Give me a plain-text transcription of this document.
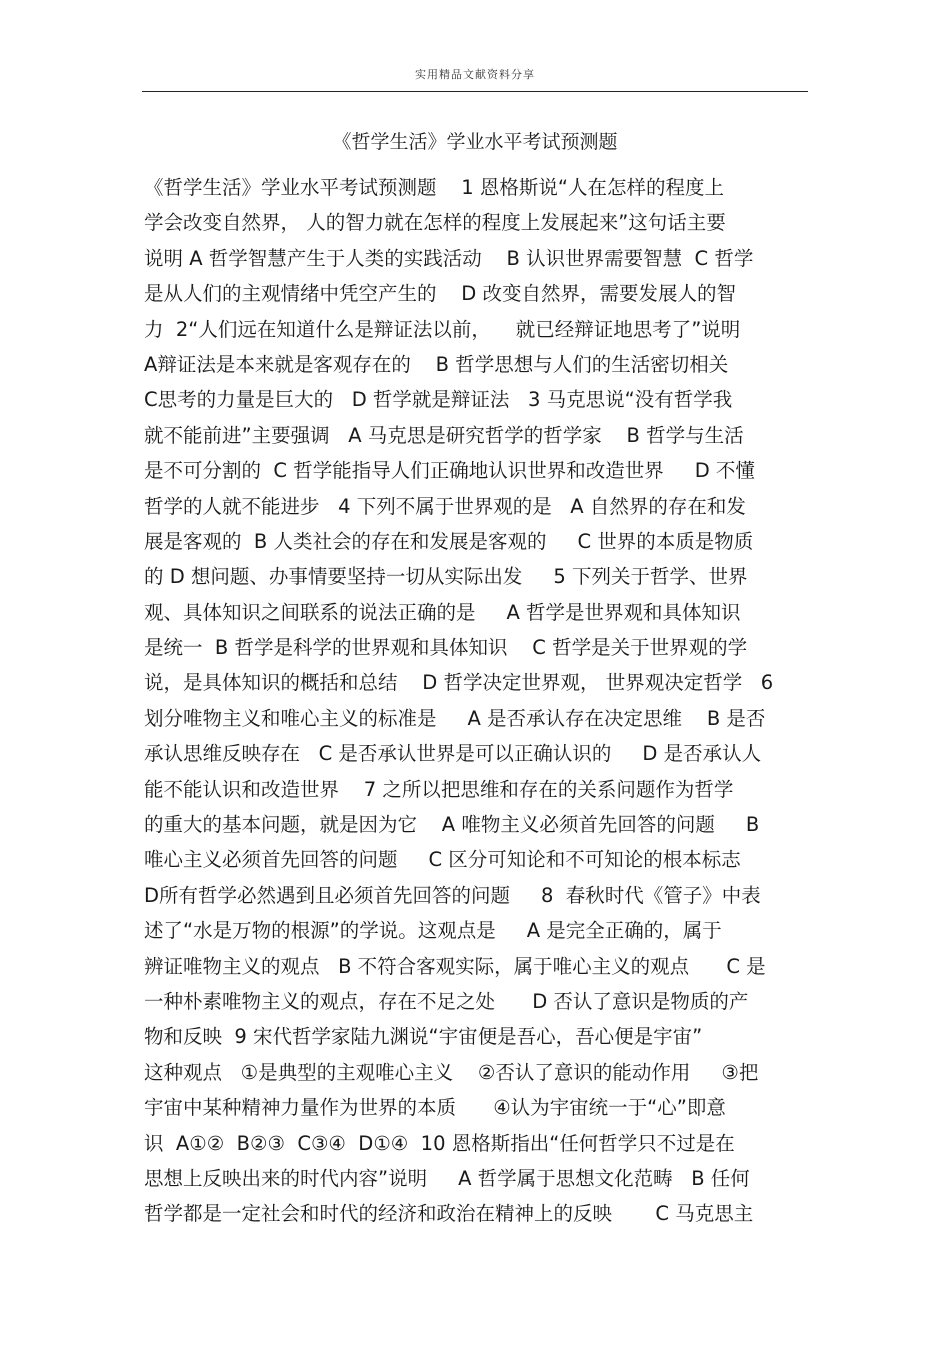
实用精品文献资料分享
《哲学生活》学业水平考试预测题
《哲学生活》学业水平考试预测题    1 恩格斯说“人在怎样的程度上
学会改变自然界， 人的智力就在怎样的程度上发展起来”这句话主要
说明 A 哲学智慧产生于人类的实践活动    B 认识世界需要智慧  C 哲学
是从人们的主观情绪中凭空产生的    D 改变自然界，需要发展人的智
力  2“人们远在知道什么是辩证法以前，    就已经辩证地思考了”说明
A辩证法是本来就是客观存在的    B 哲学思想与人们的生活密切相关
C思考的力量是巨大的   D 哲学就是辩证法   3 马克思说“没有哲学我
就不能前进”主要强调   A 马克思是研究哲学的哲学家    B 哲学与生活
是不可分割的  C 哲学能指导人们正确地认识世界和改造世界     D 不懂
哲学的人就不能进步   4 下列不属于世界观的是   A 自然界的存在和发
展是客观的  B 人类社会的存在和发展是客观的     C 世界的本质是物质
的 D 想问题、办事情要坚持一切从实际出发     5 下列关于哲学、世界
观、具体知识之间联系的说法正确的是     A 哲学是世界观和具体知识
是统一  B 哲学是科学的世界观和具体知识    C 哲学是关于世界观的学
说，是具体知识的概括和总结    D 哲学决定世界观， 世界观决定哲学   6
划分唯物主义和唯心主义的标准是     A 是否承认存在决定思维    B 是否
承认思维反映存在   C 是否承认世界是可以正确认识的     D 是否承认人
能不能认识和改造世界    7 之所以把思维和存在的关系问题作为哲学
的重大的基本问题，就是因为它    A 唯物主义必须首先回答的问题     B
唯心主义必须首先回答的问题     C 区分可知论和不可知论的根本标志
D所有哲学必然遇到且必须首先回答的问题     8  春秋时代《管子》中表
述了“水是万物的根源”的学说。这观点是     A 是完全正确的，属于
辨证唯物主义的观点   B 不符合客观实际，属于唯心主义的观点      C 是
一种朴素唯物主义的观点，存在不足之处      D 否认了意识是物质的产
物和反映  9 宋代哲学家陆九渊说“宇宙便是吾心，吾心便是宇宙”
这种观点   ①是典型的主观唯心主义    ②否认了意识的能动作用     ③把
宇宙中某种精神力量作为世界的本质      ④认为宇宙统一于“心”即意
识  A①②  B②③  C③④  D①④  10 恩格斯指出“任何哲学只不过是在
思想上反映出来的时代内容”说明     A 哲学属于思想文化范畴   B 任何
哲学都是一定社会和时代的经济和政治在精神上的反映       C 马克思主
